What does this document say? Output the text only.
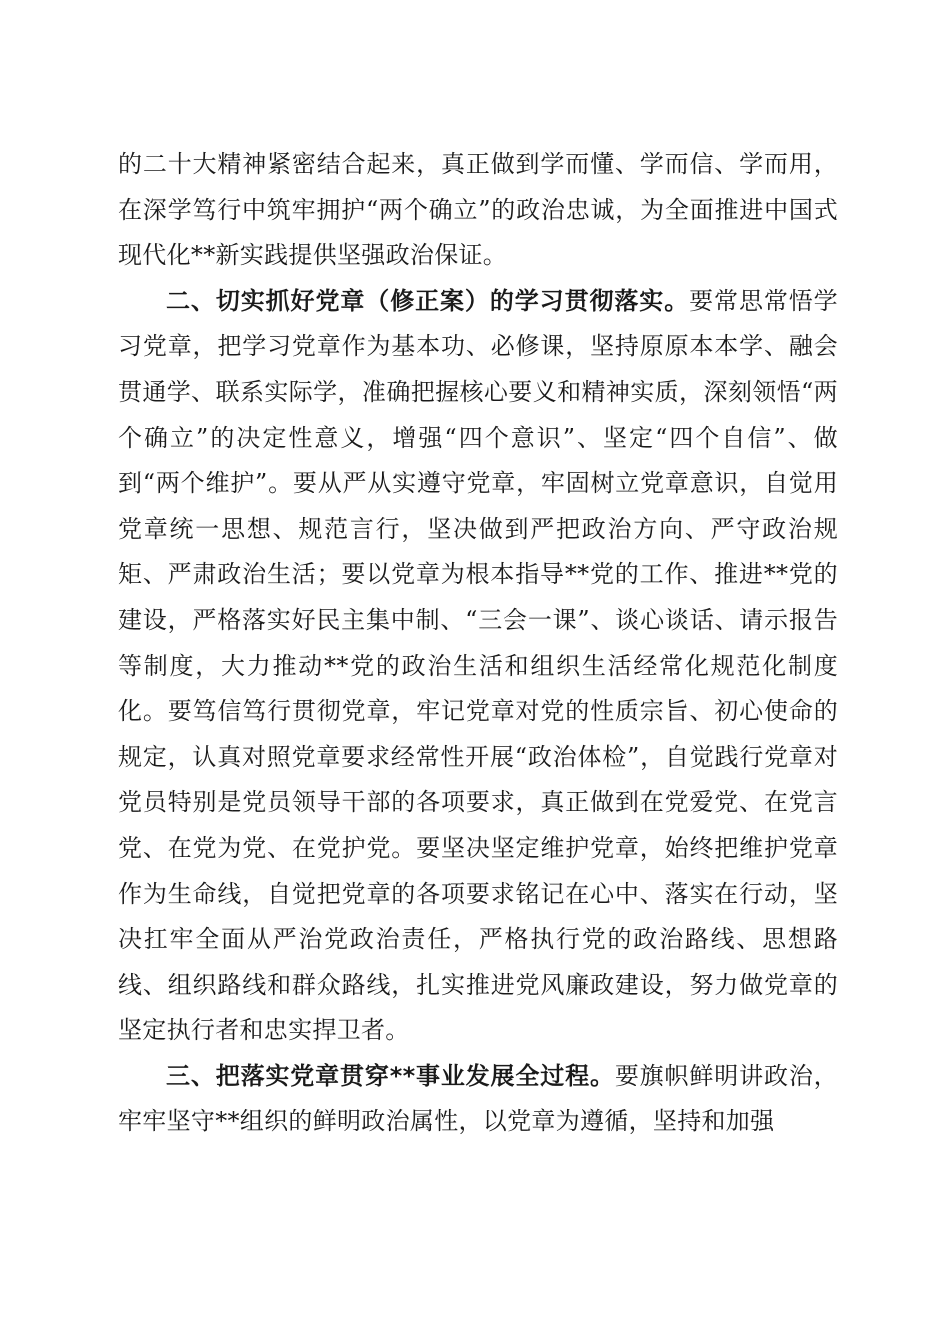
的二十大精神紧密结合起来，真正做到学而懂、学而信、学而用，在深学笃行中筑牢拥护“两个确立”的政治忠诚，为全面推进中国式现代化**新实践提供坚强政治保证。

二、切实抓好党章（修正案）的学习贯彻落实。要常思常悟学习党章，把学习党章作为基本功、必修课，坚持原原本本学、融会贯通学、联系实际学，准确把握核心要义和精神实质，深刻领悟“两个确立”的决定性意义，增强“四个意识”、坚定“四个自信”、做到“两个维护”。要从严从实遵守党章，牢固树立党章意识，自觉用党章统一思想、规范言行，坚决做到严把政治方向、严守政治规矩、严肃政治生活；要以党章为根本指导**党的工作、推进**党的建设，严格落实好民主集中制、“三会一课”、谈心谈话、请示报告等制度，大力推动**党的政治生活和组织生活经常化规范化制度化。要笃信笃行贯彻党章，牢记党章对党的性质宗旨、初心使命的规定，认真对照党章要求经常性开展“政治体检”，自觉践行党章对党员特别是党员领导干部的各项要求，真正做到在党爱党、在党言党、在党为党、在党护党。要坚决坚定维护党章，始终把维护党章作为生命线，自觉把党章的各项要求铭记在心中、落实在行动，坚决扛牢全面从严治党政治责任，严格执行党的政治路线、思想路线、组织路线和群众路线，扎实推进党风廉政建设，努力做党章的坚定执行者和忠实捍卫者。

三、把落实党章贯穿**事业发展全过程。要旗帜鲜明讲政治，牢牢坚守**组织的鲜明政治属性，以党章为遵循，坚持和加强
